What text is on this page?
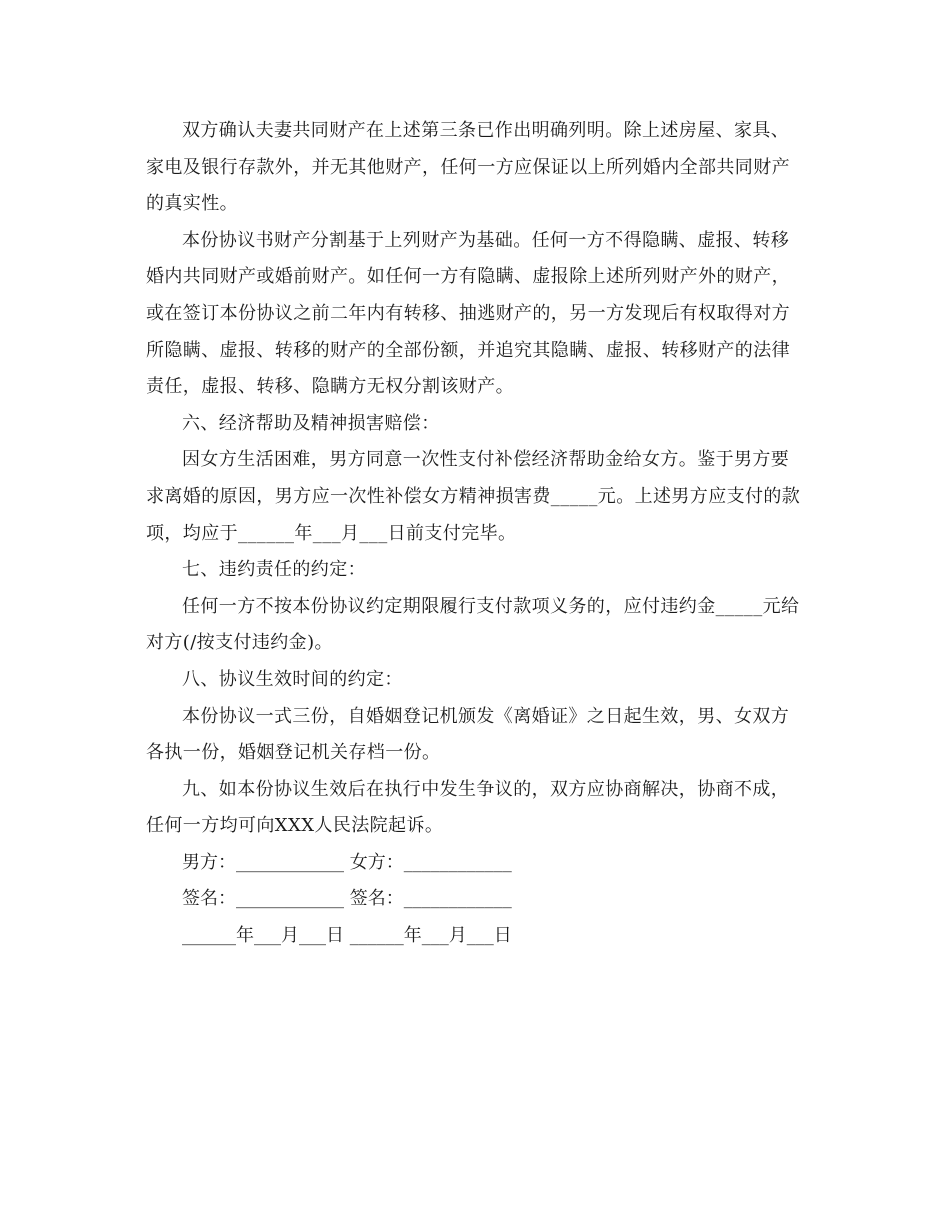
双方确认夫妻共同财产在上述第三条已作出明确列明。除上述房屋、家具、
家电及银行存款外，并无其他财产，任何一方应保证以上所列婚内全部共同财产
的真实性。

本份协议书财产分割基于上列财产为基础。任何一方不得隐瞒、虚报、转移
婚内共同财产或婚前财产。如任何一方有隐瞒、虚报除上述所列财产外的财产，
或在签订本份协议之前二年内有转移、抽逃财产的，另一方发现后有权取得对方
所隐瞒、虚报、转移的财产的全部份额，并追究其隐瞒、虚报、转移财产的法律
责任，虚报、转移、隐瞒方无权分割该财产。

六、经济帮助及精神损害赔偿：

因女方生活困难，男方同意一次性支付补偿经济帮助金给女方。鉴于男方要
求离婚的原因，男方应一次性补偿女方精神损害费_____元。上述男方应支付的款
项，均应于______年___月___日前支付完毕。

七、违约责任的约定：

任何一方不按本份协议约定期限履行支付款项义务的，应付违约金_____元给
对方(/按支付违约金)。

八、协议生效时间的约定：

本份协议一式三份，自婚姻登记机颁发《离婚证》之日起生效，男、女双方
各执一份，婚姻登记机关存档一份。

九、如本份协议生效后在执行中发生争议的，双方应协商解决，协商不成，
任何一方均可向XXX人民法院起诉。

男方：____________ 女方：____________

签名：____________ 签名：____________

______年___月___日 ______年___月___日
